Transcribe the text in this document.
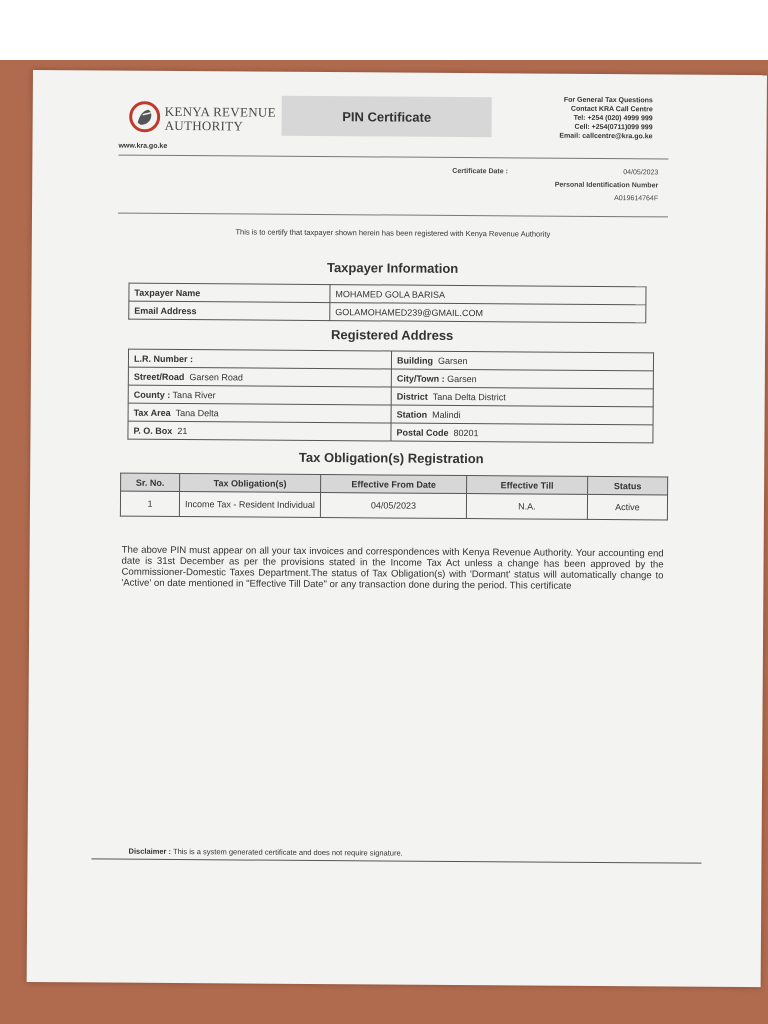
KENYA REVENUE
AUTHORITY
www.kra.go.ke
PIN Certificate
For General Tax Questions
Contact KRA Call Centre
Tel: +254 (020) 4999 999
Cell: +254(0711)099 999
Email: callcentre@kra.go.ke
Certificate Date :	04/05/2023
Personal Identification Number
A019614764F
This is to certify that taxpayer shown herein has been registered with Kenya Revenue Authority
Taxpayer Information
Taxpayer Name	MOHAMED GOLA BARISA
Email Address	GOLAMOHAMED239@GMAIL.COM
Registered Address
L.R. Number :	Building Garsen
Street/Road Garsen Road	City/Town : Garsen
County : Tana River	District Tana Delta District
Tax Area Tana Delta	Station Malindi
P. O. Box 21	Postal Code 80201
Tax Obligation(s) Registration
Sr. No.	Tax Obligation(s)	Effective From Date	Effective Till	Status
1	Income Tax - Resident Individual	04/05/2023	N.A.	Active
The above PIN must appear on all your tax invoices and correspondences with Kenya Revenue Authority. Your accounting end date is 31st December as per the provisions stated in the Income Tax Act unless a change has been approved by the Commissioner-Domestic Taxes Department.The status of Tax Obligation(s) with 'Dormant' status will automatically change to 'Active' on date mentioned in "Effective Till Date" or any transaction done during the period. This certificate
Disclaimer : This is a system generated certificate and does not require signature.
